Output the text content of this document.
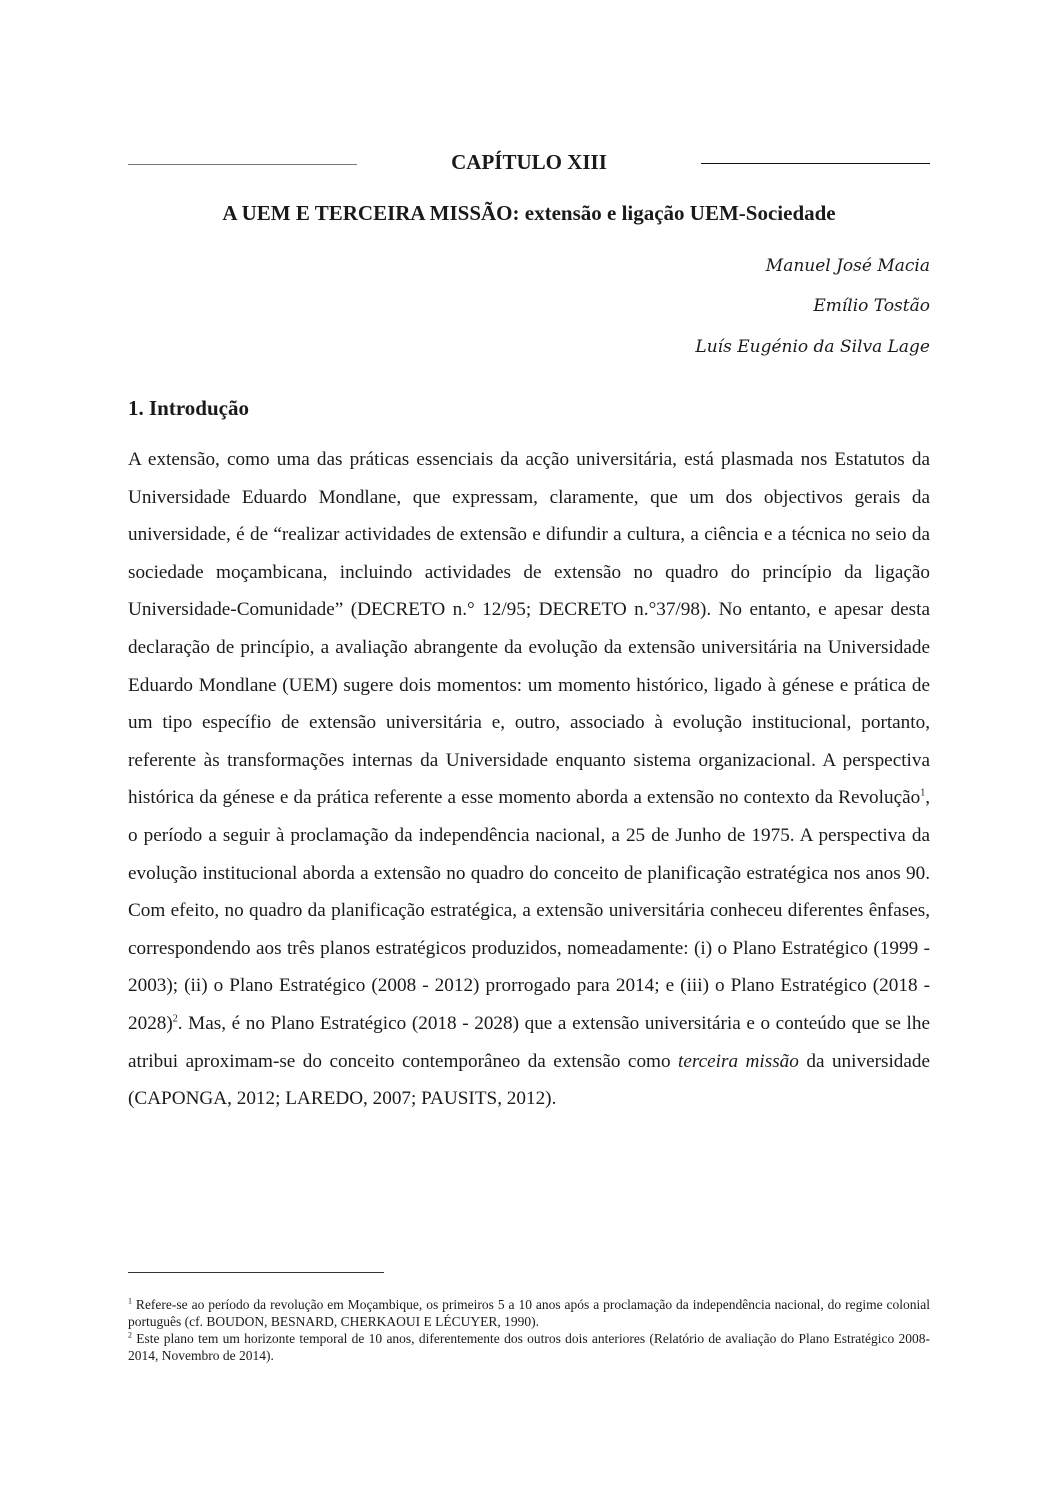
CAPÍTULO XIII
A UEM E TERCEIRA MISSÃO: extensão e ligação UEM-Sociedade
Manuel José Macia
Emílio Tostão
Luís Eugénio da Silva Lage
1. Introdução
A extensão, como uma das práticas essenciais da acção universitária, está plasmada nos Estatutos da Universidade Eduardo Mondlane, que expressam, claramente, que um dos objectivos gerais da universidade, é de “realizar actividades de extensão e difundir a cultura, a ciência e a técnica no seio da sociedade moçambicana, incluindo actividades de extensão no quadro do princípio da ligação Universidade-Comunidade” (DECRETO n.° 12/95; DECRETO n.°37/98). No entanto, e apesar desta declaração de princípio, a avaliação abrangente da evolução da extensão universitária na Universidade Eduardo Mondlane (UEM) sugere dois momentos: um momento histórico, ligado à génese e prática de um tipo específio de extensão universitária e, outro, associado à evolução institucional, portanto, referente às transformações internas da Universidade enquanto sistema organizacional. A perspectiva histórica da génese e da prática referente a esse momento aborda a extensão no contexto da Revolução$^1$, o período a seguir à proclamação da independência nacional, a 25 de Junho de 1975. A perspectiva da evolução institucional aborda a extensão no quadro do conceito de planificação estratégica nos anos 90. Com efeito, no quadro da planificação estratégica, a extensão universitária conheceu diferentes ênfases, correspondendo aos três planos estratégicos produzidos, nomeadamente: (i) o Plano Estratégico (1999 - 2003); (ii) o Plano Estratégico (2008 - 2012) prorrogado para 2014; e (iii) o Plano Estratégico (2018 - 2028)$^2$. Mas, é no Plano Estratégico (2018 - 2028) que a extensão universitária e o conteúdo que se lhe atribui aproximam-se do conceito contemporâneo da extensão como terceira missão da universidade (CAPONGA, 2012; LAREDO, 2007; PAUSITS, 2012).

$^1$ Refere-se ao período da revolução em Moçambique, os primeiros 5 a 10 anos após a proclamação da independência nacional, do regime colonial português (cf. BOUDON, BESNARD, CHERKAOUI E LÉCUYER, 1990).

$^2$ Este plano tem um horizonte temporal de 10 anos, diferentemente dos outros dois anteriores (Relatório de avaliação do Plano Estratégico 2008-2014, Novembro de 2014).
